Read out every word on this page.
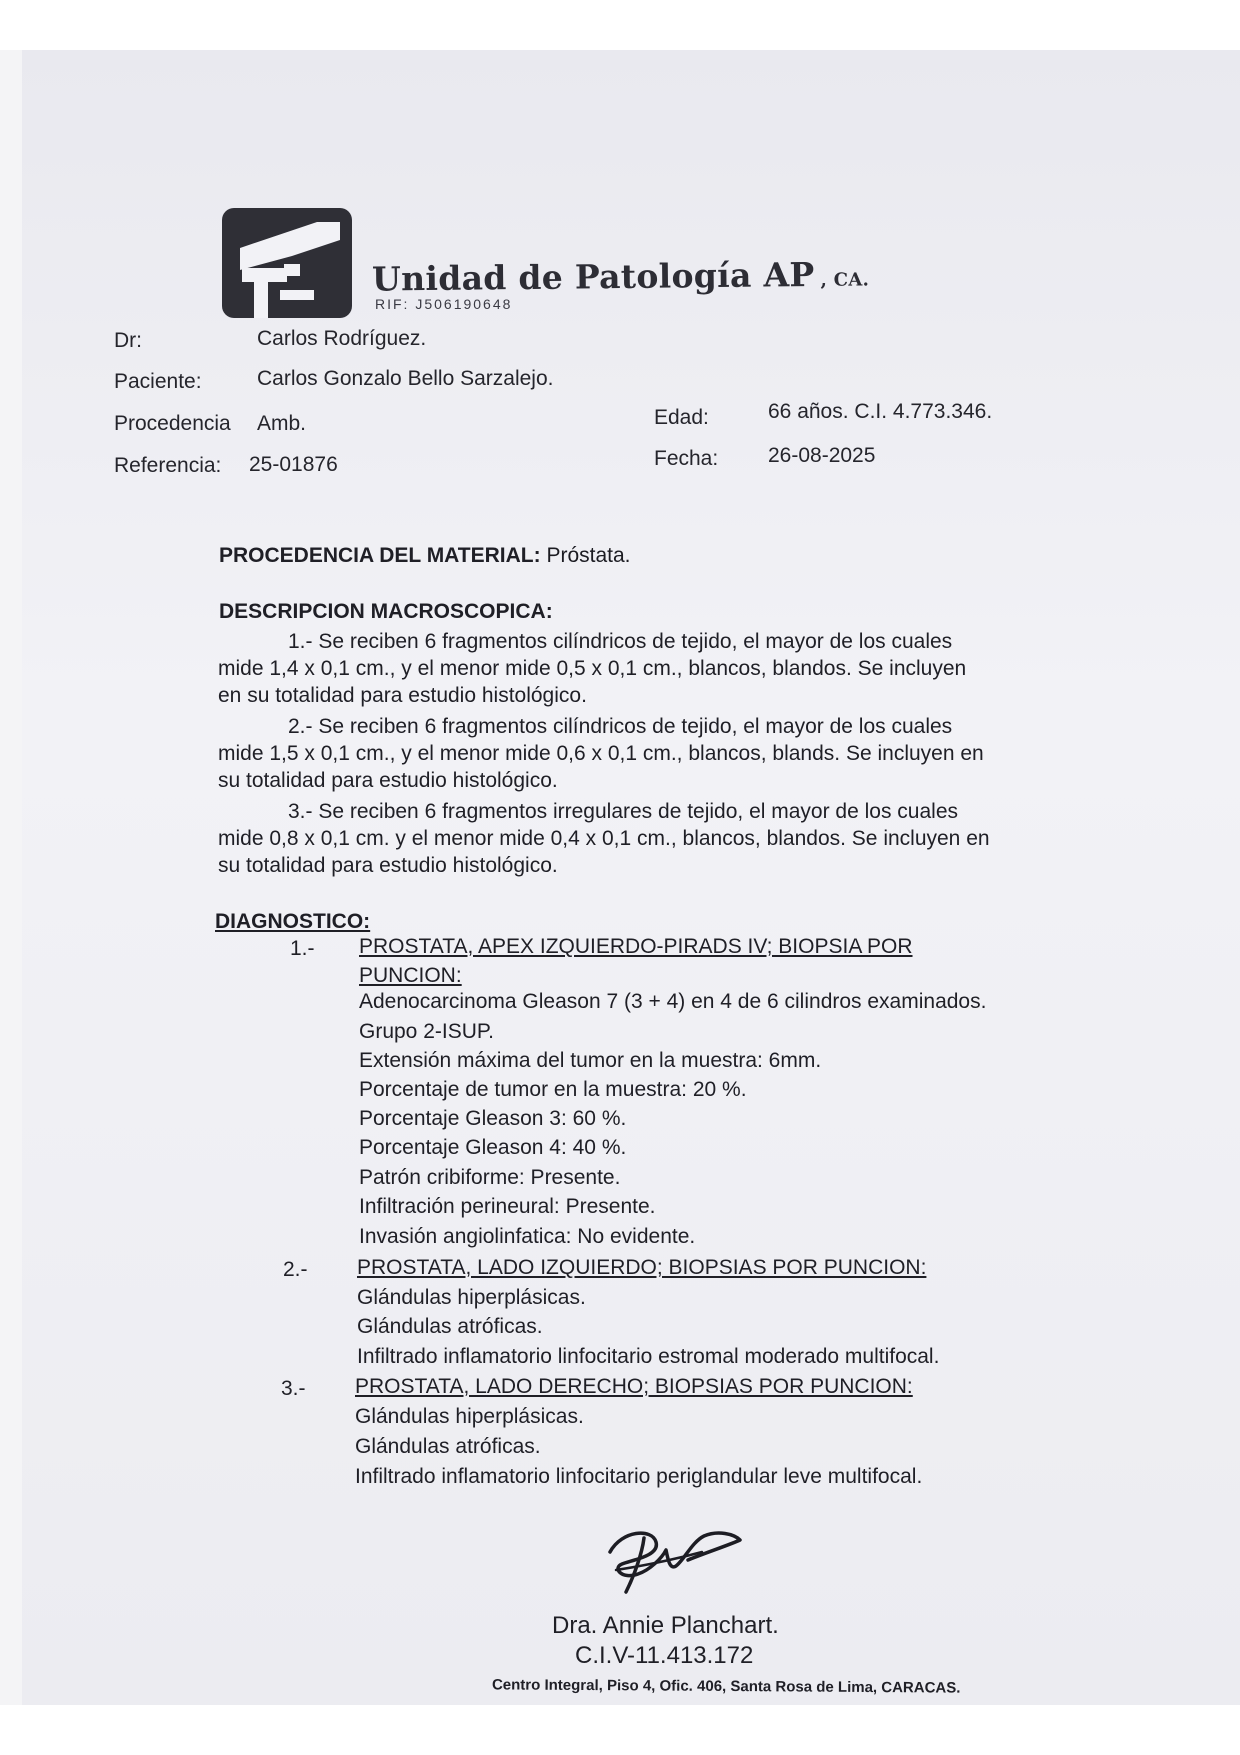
Unidad de Patología AP , CA.
RIF: J506190648
Dr:	Carlos Rodríguez.
Paciente:	Carlos Gonzalo Bello Sarzalejo.
Procedencia Amb.
Referencia: 25-01876
Edad:	66 años. C.I. 4.773.346.
Fecha: 26-08-2025
PROCEDENCIA DEL MATERIAL: Próstata.
DESCRIPCION MACROSCOPICA:

1.- Se reciben 6 fragmentos cilíndricos de tejido, el mayor de los cuales

mide 1,4 x 0,1 cm., y el menor mide 0,5 x 0,1 cm., blancos, blandos. Se incluyen

en su totalidad para estudio histológico.

2.- Se reciben 6 fragmentos cilíndricos de tejido, el mayor de los cuales

mide 1,5 x 0,1 cm., y el menor mide 0,6 x 0,1 cm., blancos, blands. Se incluyen en

su totalidad para estudio histológico.

3.- Se reciben 6 fragmentos irregulares de tejido, el mayor de los cuales

mide 0,8 x 0,1 cm. y el menor mide 0,4 x 0,1 cm., blancos, blandos. Se incluyen en

su totalidad para estudio histológico.

DIAGNOSTICO:
1.- PROSTATA, APEX IZQUIERDO-PIRADS IV; BIOPSIA POR
PUNCION:
Adenocarcinoma Gleason 7 (3 + 4) en 4 de 6 cilindros examinados.
Grupo 2-ISUP.
Extensión máxima del tumor en la muestra: 6mm.
Porcentaje de tumor en la muestra: 20 %.
Porcentaje Gleason 3: 60 %.
Porcentaje Gleason 4: 40 %.
Patrón cribiforme: Presente.
Infiltración perineural: Presente.
Invasión angiolinfatica: No evidente.
2.- PROSTATA, LADO IZQUIERDO; BIOPSIAS POR PUNCION:
Glándulas hiperplásicas.
Glándulas atróficas.
Infiltrado inflamatorio linfocitario estromal moderado multifocal.
3.- PROSTATA, LADO DERECHO; BIOPSIAS POR PUNCION:
Glándulas hiperplásicas.
Glándulas atróficas.
Infiltrado inflamatorio linfocitario periglandular leve multifocal.
Dra. Annie Planchart.
C.I.V-11.413.172
Centro Integral, Piso 4, Ofic. 406, Santa Rosa de Lima, CARACAS.
